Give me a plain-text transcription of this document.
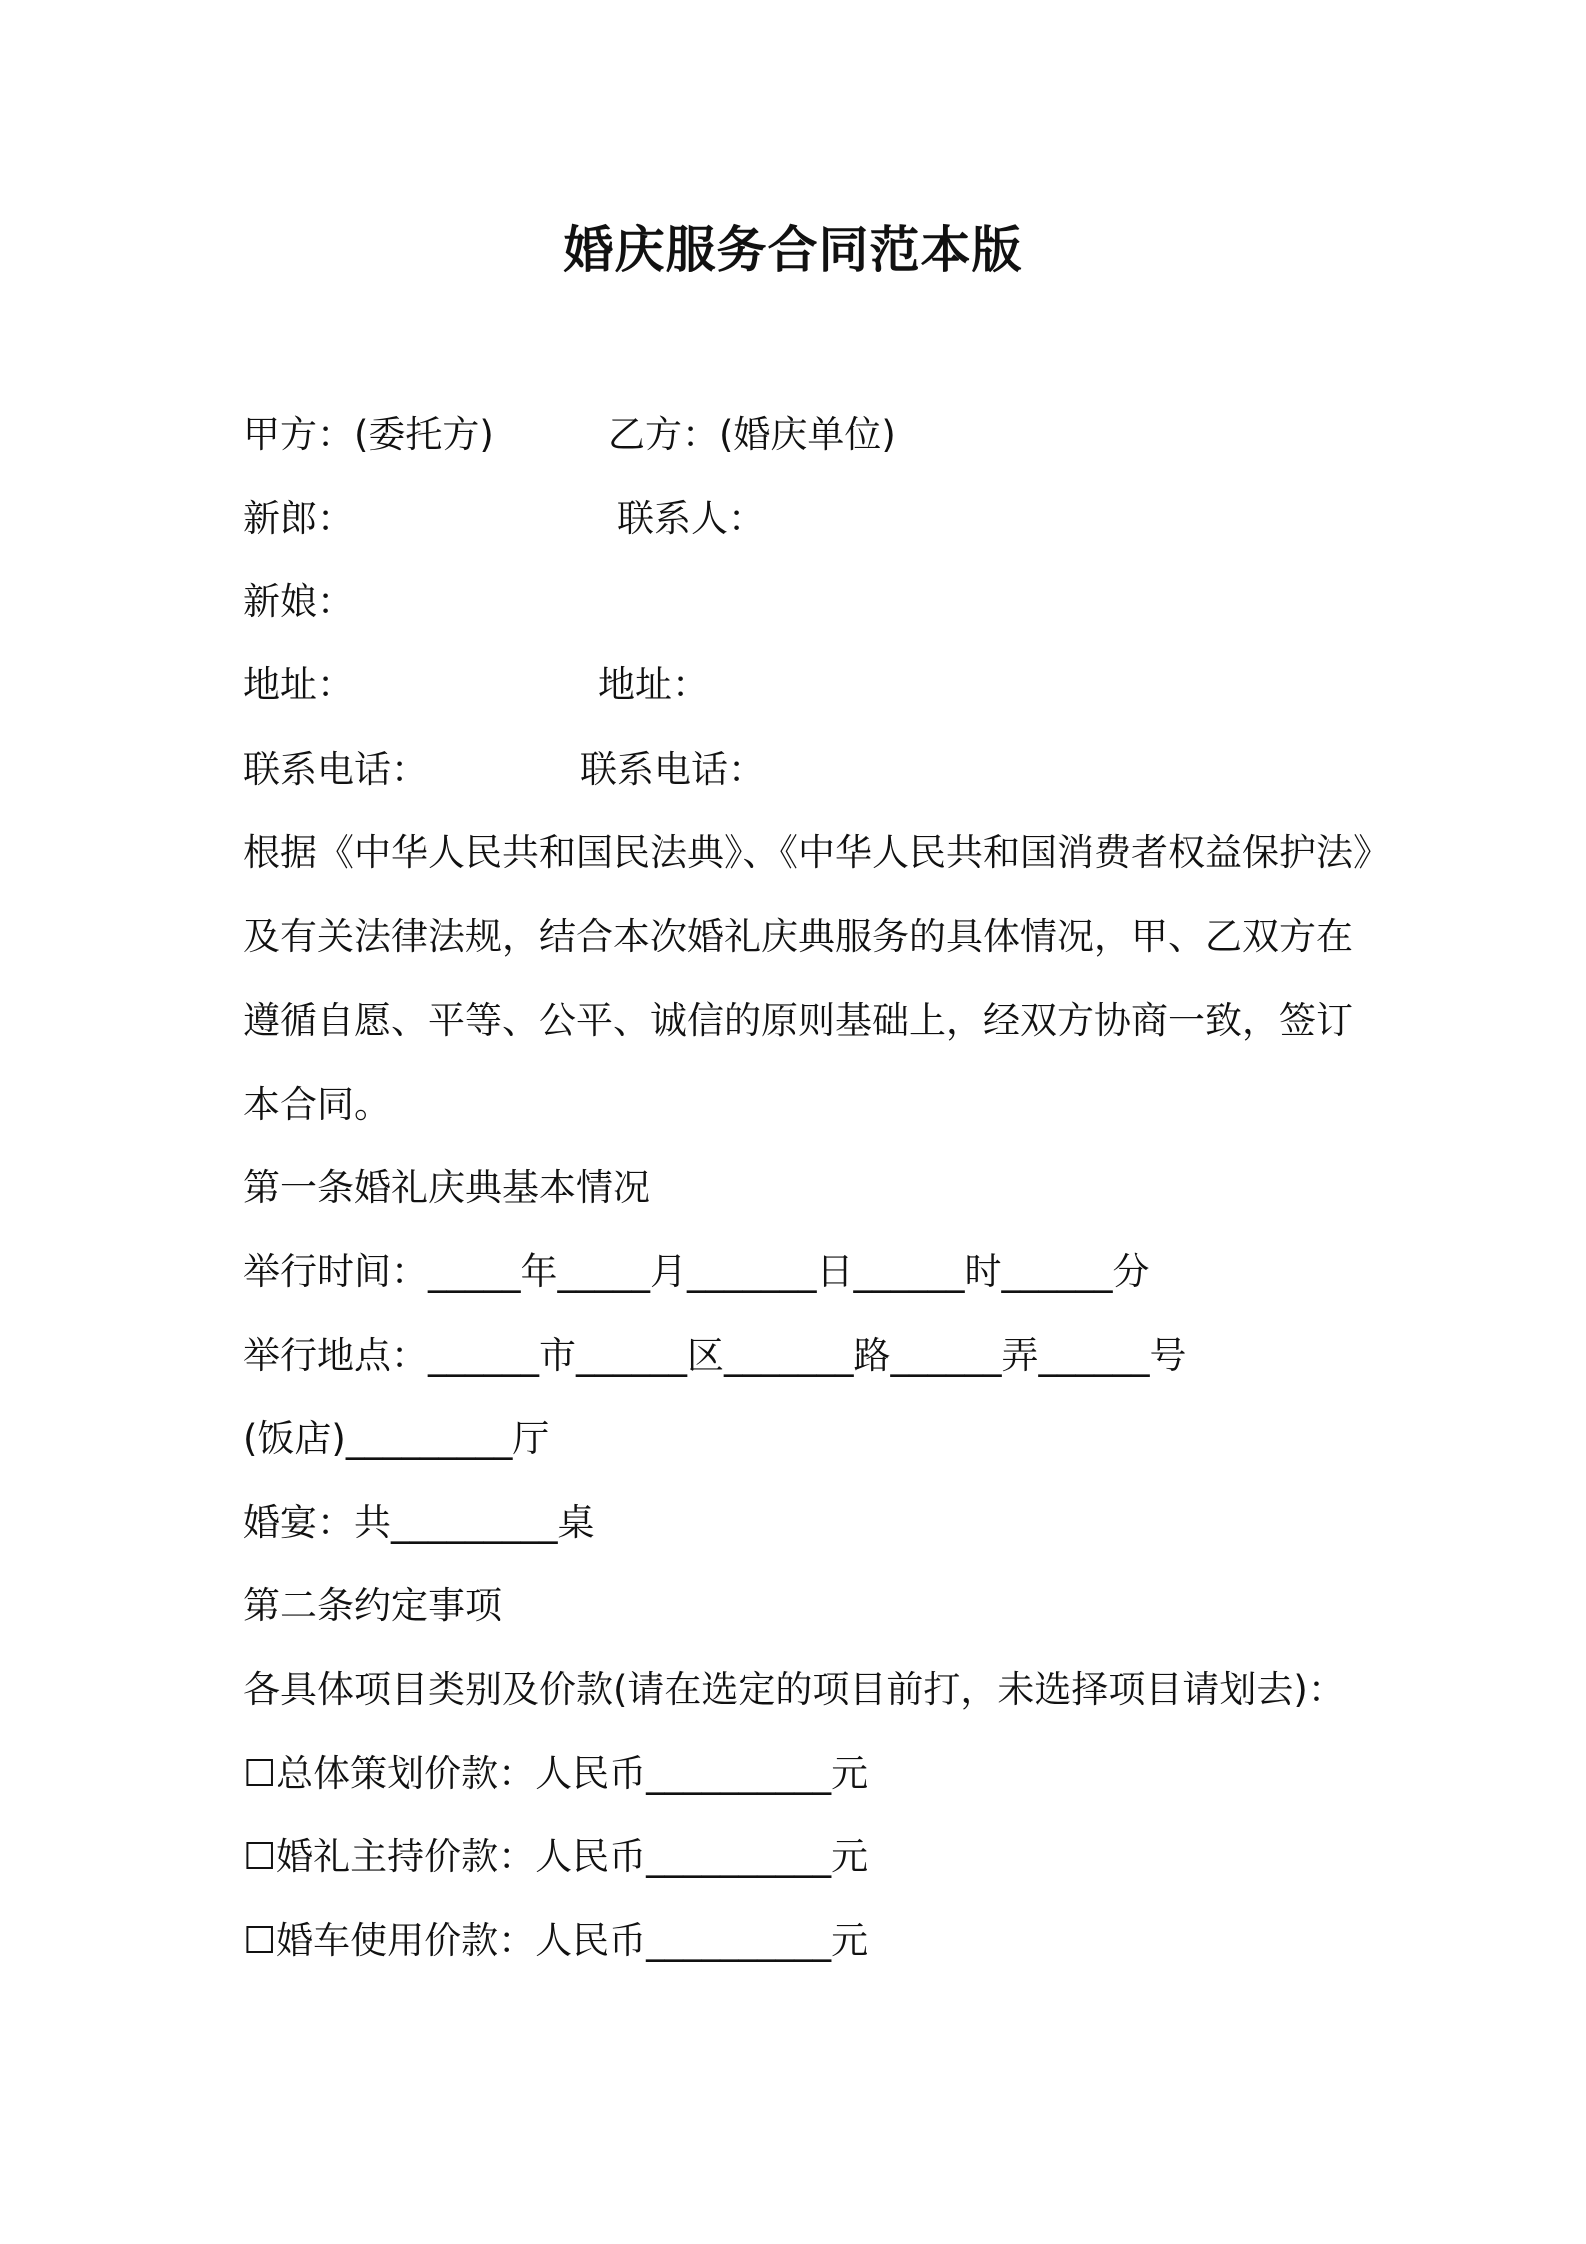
婚庆服务合同范本版
甲方：(委托方)	乙方：(婚庆单位)
新郎：	联系人：
新娘：
地址：	地址：
联系电话：	联系电话：
根据《中华人民共和国民法典》、《中华人民共和国消费者权益保护法》
及有关法律法规，结合本次婚礼庆典服务的具体情况，甲、乙双方在
遵循自愿、平等、公平、诚信的原则基础上，经双方协商一致，签订
本合同。
第一条婚礼庆典基本情况
举行时间：_____年_____月_______日______时______分
举行地点：______市______区_______路______弄______号
(饭店)_________厅
婚宴：共_________桌
第二条约定事项
各具体项目类别及价款(请在选定的项目前打，未选择项目请划去)：
☐总体策划价款：人民币__________元
☐婚礼主持价款：人民币__________元
☐婚车使用价款：人民币__________元
